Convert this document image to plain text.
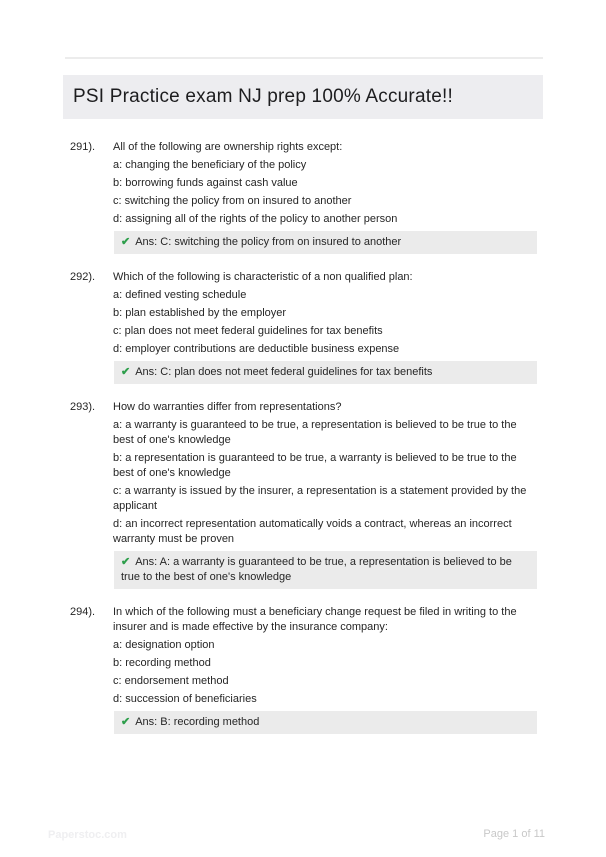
PSI Practice exam NJ prep 100% Accurate!!
291).	All of the following are ownership rights except:

a: changing the beneficiary of the policy

b: borrowing funds against cash value

c: switching the policy from on insured to another

d: assigning all of the rights of the policy to another person

✔ Ans: C: switching the policy from on insured to another
292).	Which of the following is characteristic of a non qualified plan:

a: defined vesting schedule

b: plan established by the employer

c: plan does not meet federal guidelines for tax benefits

d: employer contributions are deductible business expense

✔ Ans: C: plan does not meet federal guidelines for tax benefits
293).	How do warranties differ from representations?

a: a warranty is guaranteed to be true, a representation is believed to be true to the best of one's knowledge

b: a representation is guaranteed to be true, a warranty is believed to be true to the best of one's knowledge

c: a warranty is issued by the insurer, a representation is a statement provided by the applicant

d: an incorrect representation automatically voids a contract, whereas an incorrect warranty must be proven

✔ Ans: A: a warranty is guaranteed to be true, a representation is believed to be true to the best of one's knowledge
294).	In which of the following must a beneficiary change request be filed in writing to the insurer and is made effective by the insurance company:

a: designation option

b: recording method

c: endorsement method

d: succession of beneficiaries

✔ Ans: B: recording method
Paperstoc.com	Page 1 of 11
